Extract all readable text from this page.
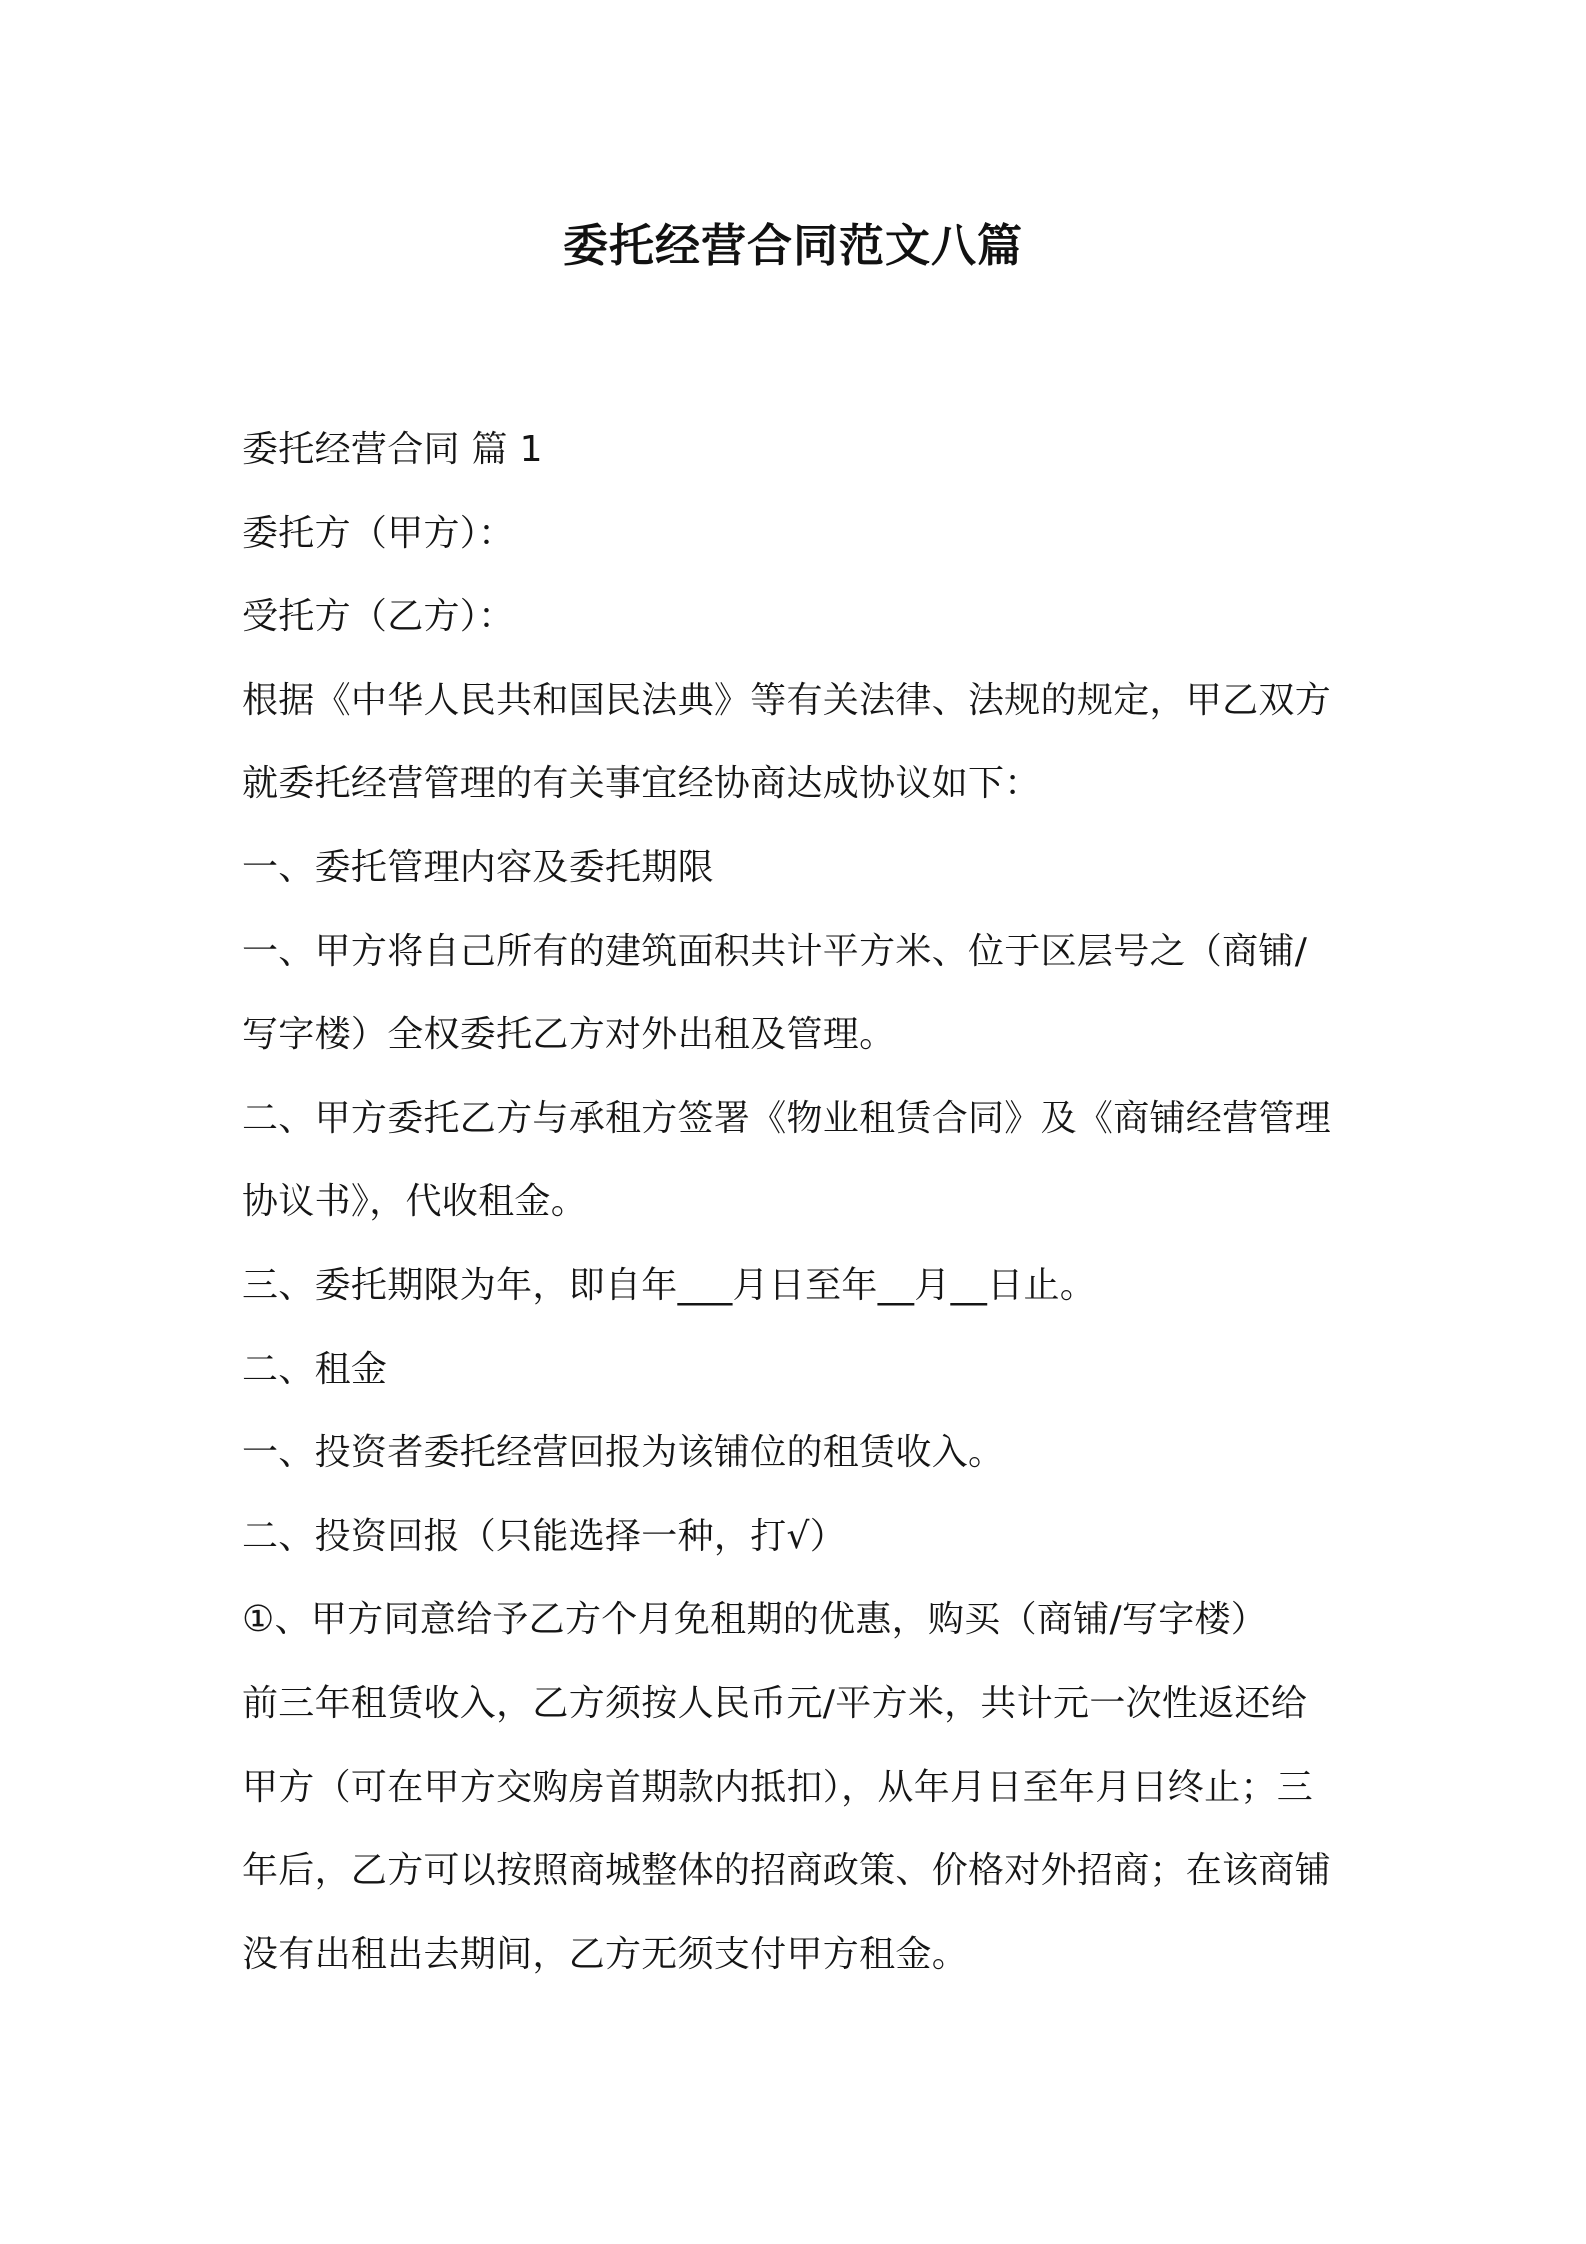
委托经营合同范文八篇
委托经营合同 篇 1
委托方（甲方）：
受托方（乙方）：
根据《中华人民共和国民法典》等有关法律、法规的规定，甲乙双方
就委托经营管理的有关事宜经协商达成协议如下：
一、委托管理内容及委托期限
一、甲方将自己所有的建筑面积共计平方米、位于区层号之（商铺/
写字楼）全权委托乙方对外出租及管理。
二、甲方委托乙方与承租方签署《物业租赁合同》及《商铺经营管理
协议书》，代收租金。
三、委托期限为年，即自年___月日至年__月__日止。
二、租金
一、投资者委托经营回报为该铺位的租赁收入。
二、投资回报（只能选择一种，打√）
①、甲方同意给予乙方个月免租期的优惠，购买（商铺/写字楼）
前三年租赁收入，乙方须按人民币元/平方米，共计元一次性返还给
甲方（可在甲方交购房首期款内抵扣），从年月日至年月日终止；三
年后，乙方可以按照商城整体的招商政策、价格对外招商；在该商铺
没有出租出去期间，乙方无须支付甲方租金。
